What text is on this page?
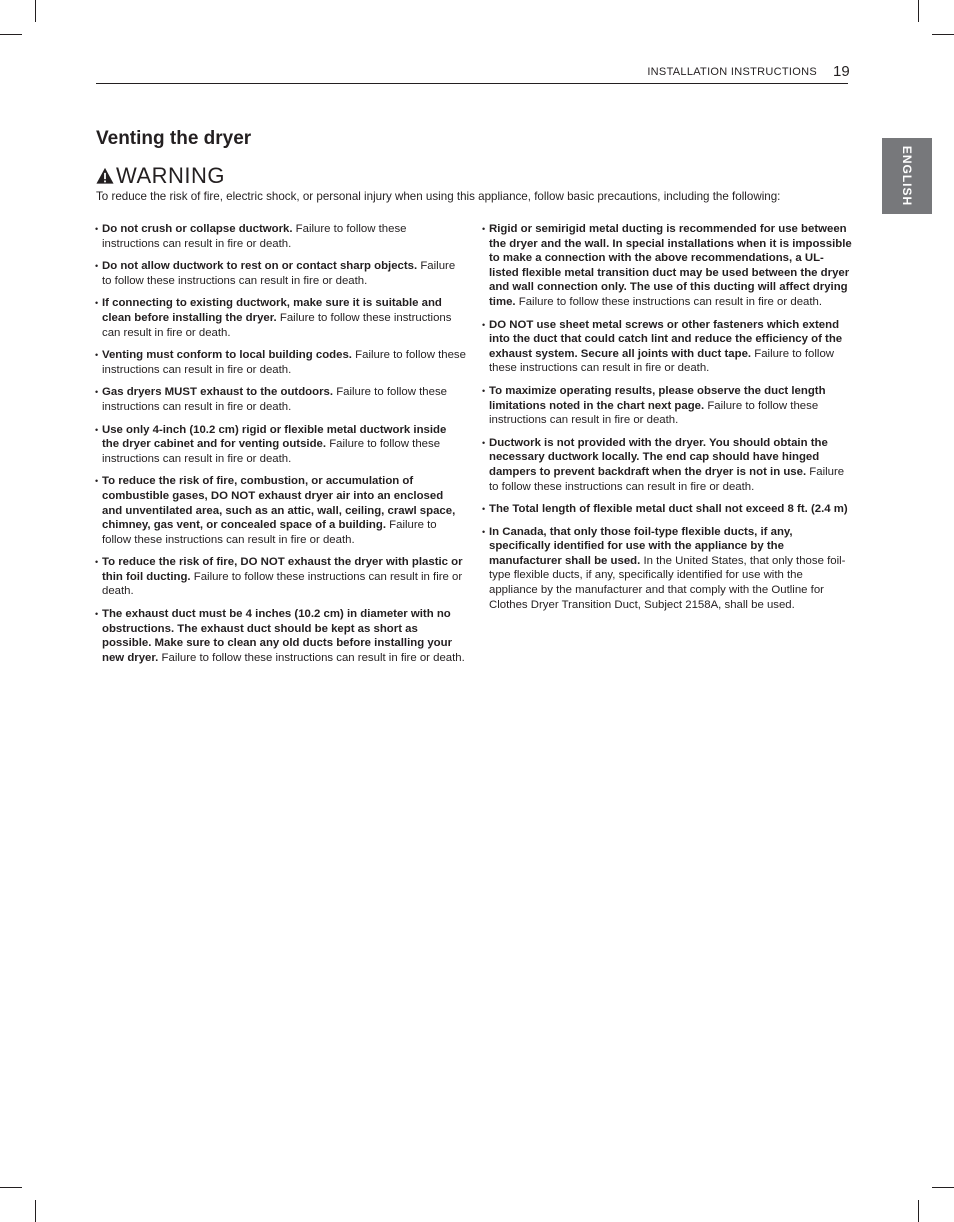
INSTALLATION INSTRUCTIONS 19
ENGLISH
Venting the dryer
WARNING
To reduce the risk of fire, electric shock, or personal injury when using this appliance, follow basic precautions, including the following:
• Do not crush or collapse ductwork. Failure to follow these instructions can result in fire or death.
• Do not allow ductwork to rest on or contact sharp objects. Failure to follow these instructions can result in fire or death.
• If connecting to existing ductwork, make sure it is suitable and clean before installing the dryer. Failure to follow these instructions can result in fire or death.
• Venting must conform to local building codes. Failure to follow these instructions can result in fire or death.
• Gas dryers MUST exhaust to the outdoors. Failure to follow these instructions can result in fire or death.
• Use only 4-inch (10.2 cm) rigid or flexible metal ductwork inside the dryer cabinet and for venting outside. Failure to follow these instructions can result in fire or death.
• To reduce the risk of fire, combustion, or accumulation of combustible gases, DO NOT exhaust dryer air into an enclosed and unventilated area, such as an attic, wall, ceiling, crawl space, chimney, gas vent, or concealed space of a building. Failure to follow these instructions can result in fire or death.
• To reduce the risk of fire, DO NOT exhaust the dryer with plastic or thin foil ducting. Failure to follow these instructions can result in fire or death.
• The exhaust duct must be 4 inches (10.2 cm) in diameter with no obstructions. The exhaust duct should be kept as short as possible. Make sure to clean any old ducts before installing your new dryer. Failure to follow these instructions can result in fire or death.
• Rigid or semirigid metal ducting is recommended for use between the dryer and the wall. In special installations when it is impossible to make a connection with the above recommendations, a UL-listed flexible metal transition duct may be used between the dryer and wall connection only. The use of this ducting will affect drying time. Failure to follow these instructions can result in fire or death.
• DO NOT use sheet metal screws or other fasteners which extend into the duct that could catch lint and reduce the efficiency of the exhaust system. Secure all joints with duct tape. Failure to follow these instructions can result in fire or death.
• To maximize operating results, please observe the duct length limitations noted in the chart next page. Failure to follow these instructions can result in fire or death.
• Ductwork is not provided with the dryer. You should obtain the necessary ductwork locally. The end cap should have hinged dampers to prevent backdraft when the dryer is not in use. Failure to follow these instructions can result in fire or death.
• The Total length of flexible metal duct shall not exceed 8 ft. (2.4 m)
• In Canada, that only those foil-type flexible ducts, if any, specifically identified for use with the appliance by the manufacturer shall be used. In the United States, that only those foil-type flexible ducts, if any, specifically identified for use with the appliance by the manufacturer and that comply with the Outline for Clothes Dryer Transition Duct, Subject 2158A, shall be used.
